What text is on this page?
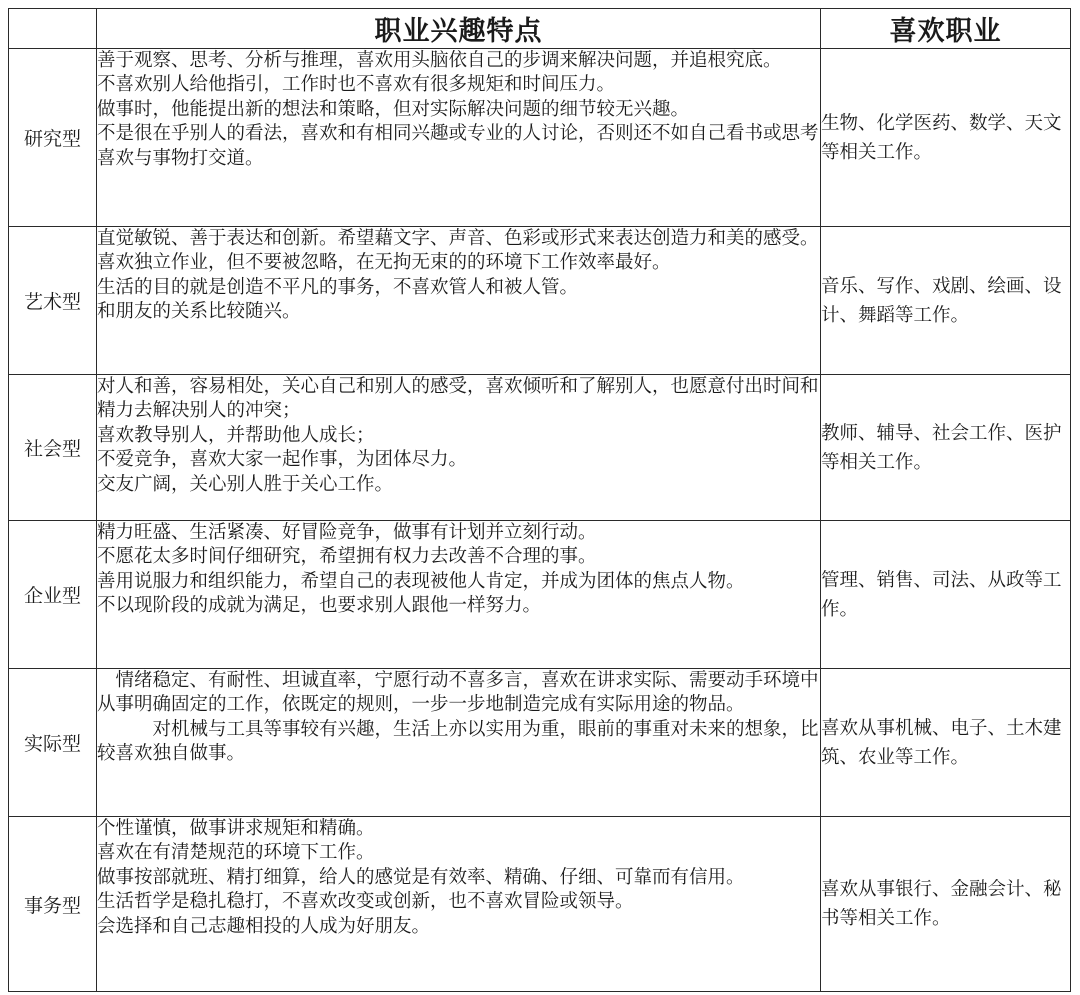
	职业兴趣特点	喜欢职业
研究型	善于观察、思考、分析与推理，喜欢用头脑依自己的步调来解决问题，并追根究底。
不喜欢别人给他指引，工作时也不喜欢有很多规矩和时间压力。
做事时，他能提出新的想法和策略，但对实际解决问题的细节较无兴趣。
不是很在乎别人的看法，喜欢和有相同兴趣或专业的人讨论，否则还不如自己看书或思考喜欢与事物打交道。	生物、化学医药、数学、天文等相关工作。

艺术型	直觉敏锐、善于表达和创新。希望藉文字、声音、色彩或形式来表达创造力和美的感受。
喜欢独立作业，但不要被忽略，在无拘无束的的环境下工作效率最好。
生活的目的就是创造不平凡的事务，不喜欢管人和被人管。
和朋友的关系比较随兴。	音乐、写作、戏剧、绘画、设计、舞蹈等工作。

社会型	对人和善，容易相处，关心自己和别人的感受，喜欢倾听和了解别人，也愿意付出时间和精力去解决别人的冲突；
喜欢教导别人，并帮助他人成长；
不爱竞争，喜欢大家一起作事，为团体尽力。
交友广阔，关心别人胜于关心工作。	教师、辅导、社会工作、医护等相关工作。

企业型	精力旺盛、生活紧凑、好冒险竞争，做事有计划并立刻行动。
不愿花太多时间仔细研究，希望拥有权力去改善不合理的事。
善用说服力和组织能力，希望自己的表现被他人肯定，并成为团体的焦点人物。
不以现阶段的成就为满足，也要求别人跟他一样努力。	管理、销售、司法、从政等工作。

实际型	情绪稳定、有耐性、坦诚直率，宁愿行动不喜多言，喜欢在讲求实际、需要动手环境中从事明确固定的工作，依既定的规则，一步一步地制造完成有实际用途的物品。
对机械与工具等事较有兴趣，生活上亦以实用为重，眼前的事重对未来的想象，比较喜欢独自做事。	喜欢从事机械、电子、土木建筑、农业等工作。

事务型	个性谨慎，做事讲求规矩和精确。
喜欢在有清楚规范的环境下工作。
做事按部就班、精打细算，给人的感觉是有效率、精确、仔细、可靠而有信用。
生活哲学是稳扎稳打，不喜欢改变或创新，也不喜欢冒险或领导。
会选择和自己志趣相投的人成为好朋友。	喜欢从事银行、金融会计、秘书等相关工作。
